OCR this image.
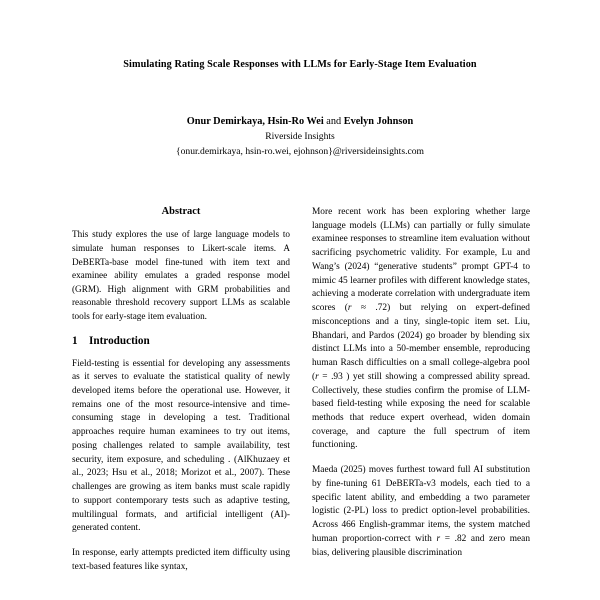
Simulating Rating Scale Responses with LLMs for Early-Stage Item Evaluation

Onur Demirkaya, Hsin-Ro Wei and Evelyn Johnson

Riverside Insights

{onur.demirkaya, hsin-ro.wei, ejohnson}@riversideinsights.com

Abstract

This study explores the use of large language models to simulate human responses to Likert-scale items. A DeBERTa-base model fine-tuned with item text and examinee ability emulates a graded response model (GRM). High alignment with GRM probabilities and reasonable threshold recovery support LLMs as scalable tools for early-stage item evaluation.

1 Introduction

Field-testing is essential for developing any assessments as it serves to evaluate the statistical quality of newly developed items before the operational use. However, it remains one of the most resource-intensive and time-consuming stage in developing a test. Traditional approaches require human examinees to try out items, posing challenges related to sample availability, test security, item exposure, and scheduling . (AlKhuzaey et al., 2023; Hsu et al., 2018; Morizot et al., 2007). These challenges are growing as item banks must scale rapidly to support contemporary tests such as adaptive testing, multilingual formats, and artificial intelligent (AI)-generated content.

In response, early attempts predicted item difficulty using text-based features like syntax,

More recent work has been exploring whether large language models (LLMs) can partially or fully simulate examinee responses to streamline item evaluation without sacrificing psychometric validity. For example, Lu and Wang’s (2024) “generative students” prompt GPT-4 to mimic 45 learner profiles with different knowledge states, achieving a moderate correlation with undergraduate item scores (r ≈ .72) but relying on expert-defined misconceptions and a tiny, single-topic item set. Liu, Bhandari, and Pardos (2024) go broader by blending six distinct LLMs into a 50-member ensemble, reproducing human Rasch difficulties on a small college-algebra pool (r = .93 ) yet still showing a compressed ability spread. Collectively, these studies confirm the promise of LLM-based field-testing while exposing the need for scalable methods that reduce expert overhead, widen domain coverage, and capture the full spectrum of item functioning.

Maeda (2025) moves furthest toward full AI substitution by fine-tuning 61 DeBERTa-v3 models, each tied to a specific latent ability, and embedding a two parameter logistic (2-PL) loss to predict option-level probabilities. Across 466 English-grammar items, the system matched human proportion-correct with r = .82 and zero mean bias, delivering plausible discrimination
